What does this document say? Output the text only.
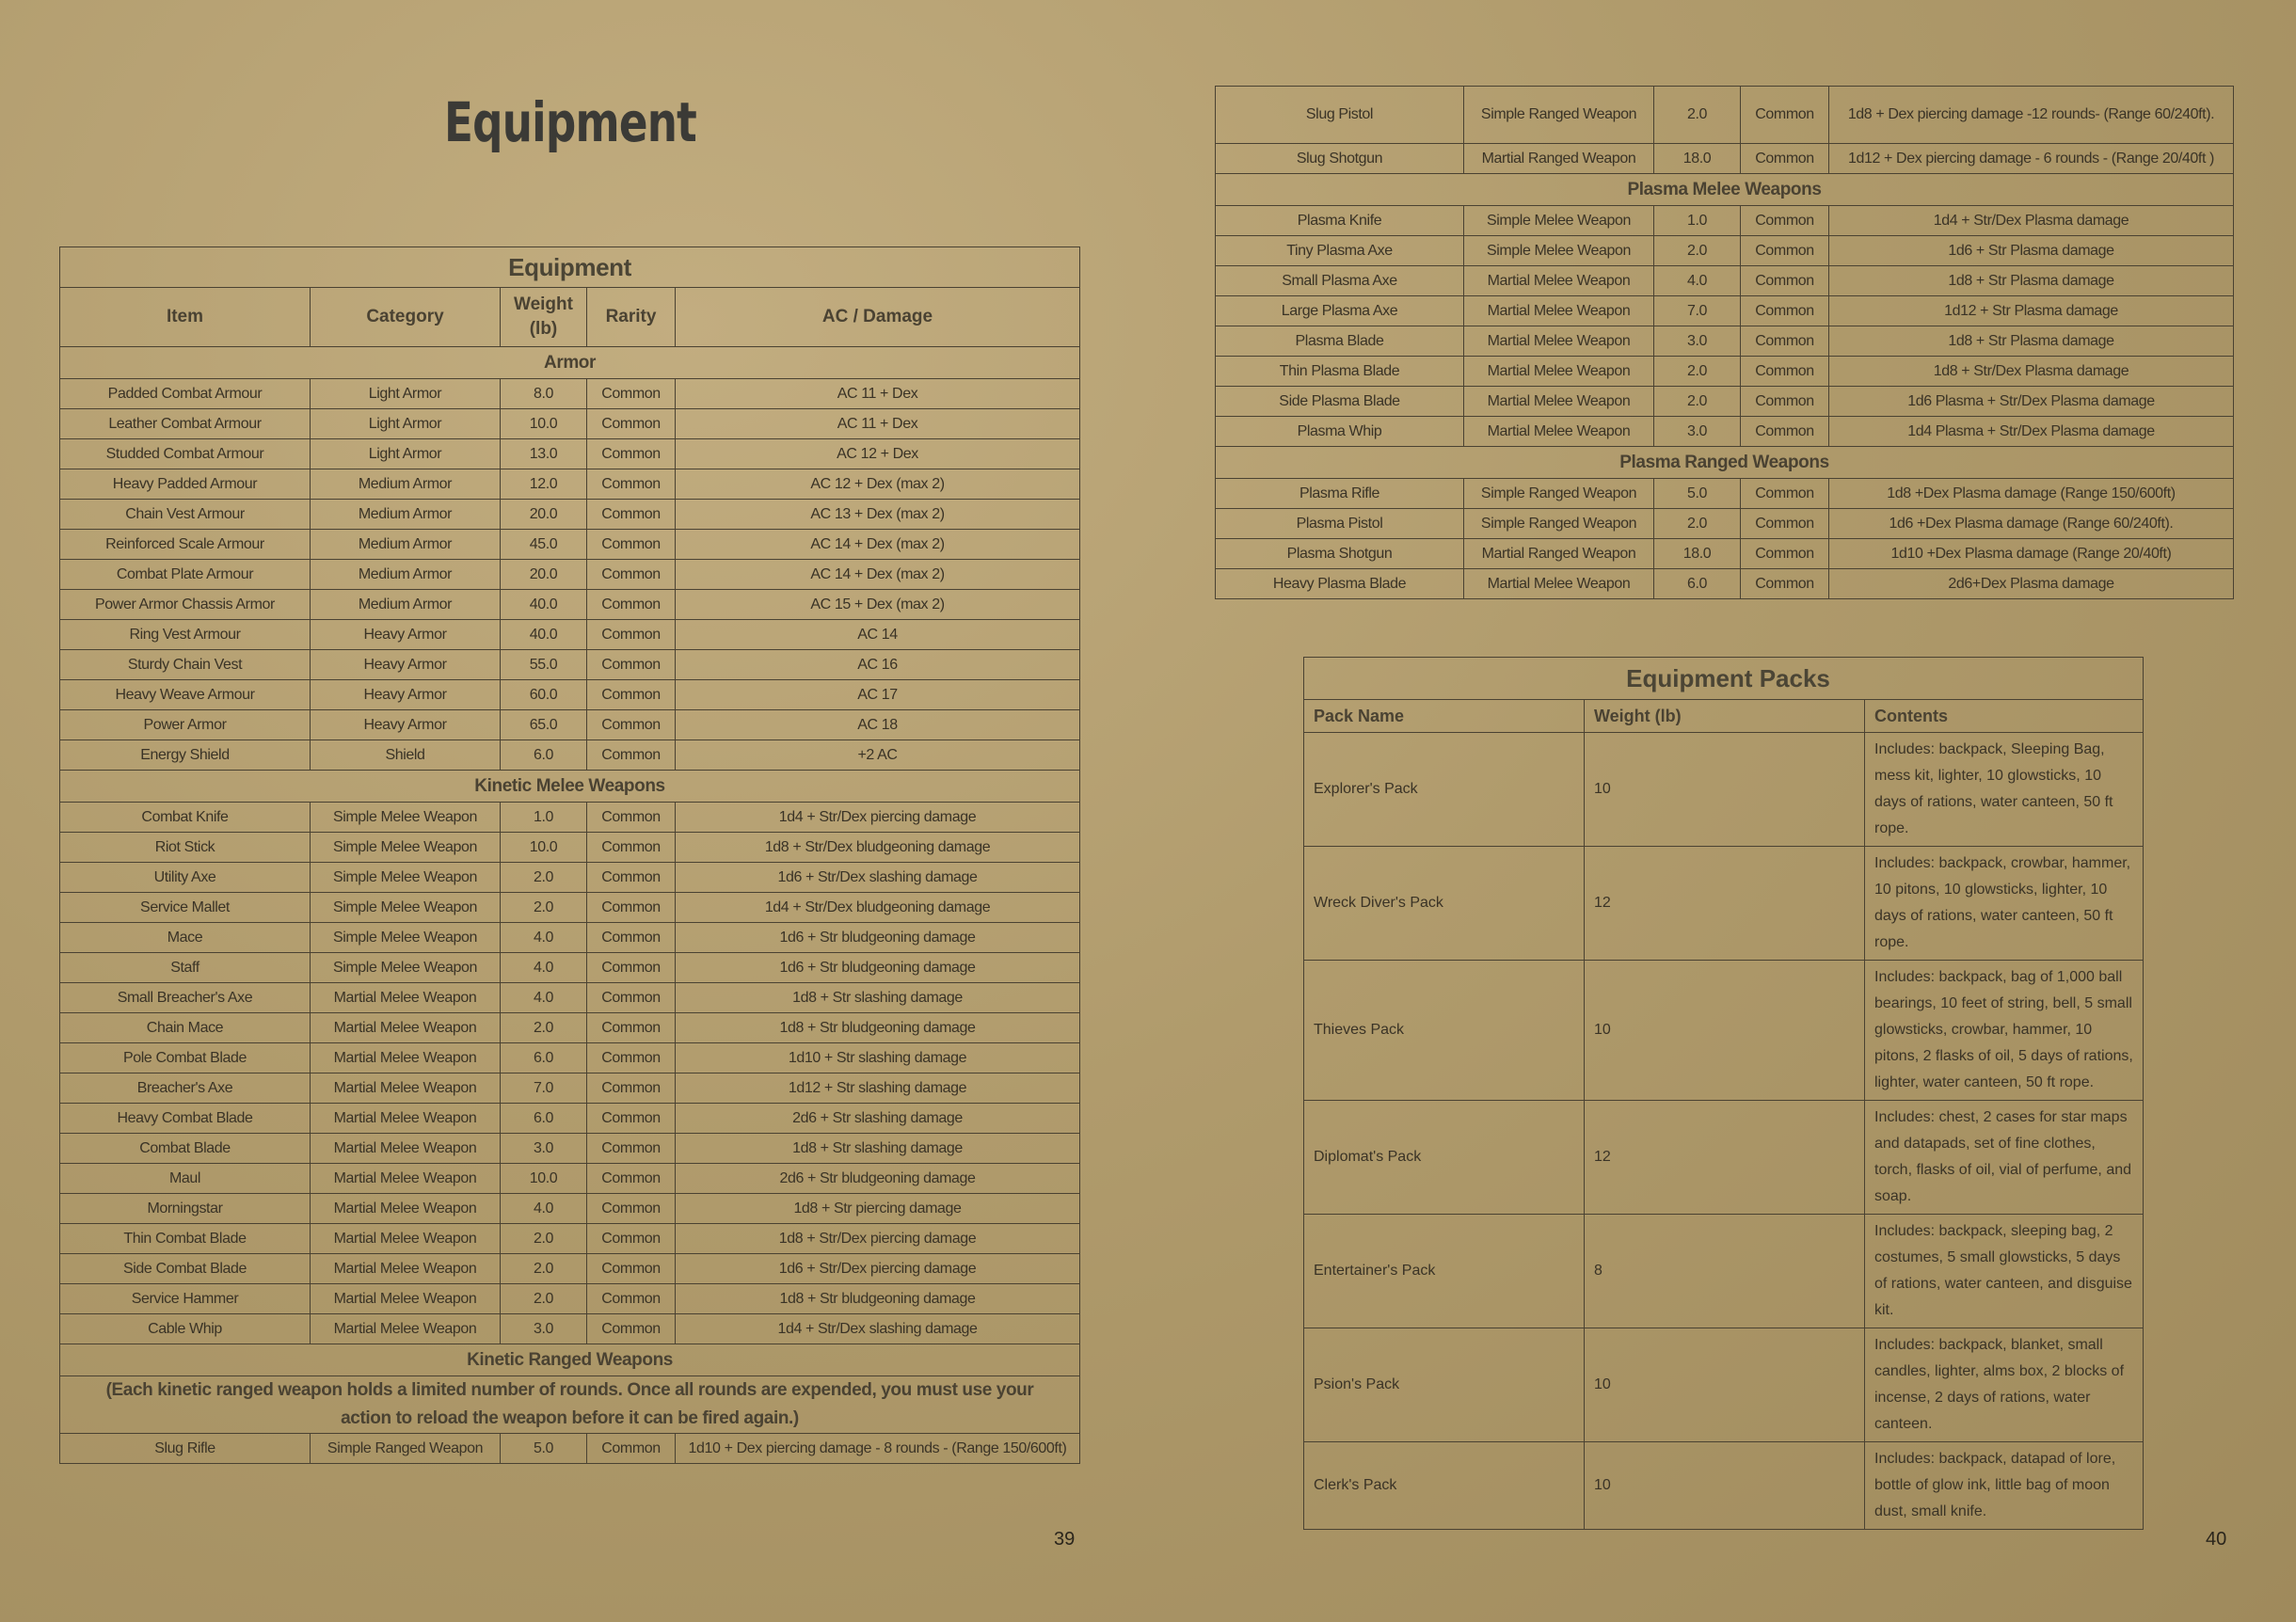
Equipment
Equipment				
Item	Category	Weight (lb)	Rarity	AC / Damage
Armor				
Padded Combat Armour	Light Armor	8.0	Common	AC 11 + Dex
Leather Combat Armour	Light Armor	10.0	Common	AC 11 + Dex
Studded Combat Armour	Light Armor	13.0	Common	AC 12 + Dex
Heavy Padded Armour	Medium Armor	12.0	Common	AC 12 + Dex (max 2)
Chain Vest Armour	Medium Armor	20.0	Common	AC 13 + Dex (max 2)
Reinforced Scale Armour	Medium Armor	45.0	Common	AC 14 + Dex (max 2)
Combat Plate Armour	Medium Armor	20.0	Common	AC 14 + Dex (max 2)
Power Armor Chassis Armor	Medium Armor	40.0	Common	AC 15 + Dex (max 2)
Ring Vest Armour	Heavy Armor	40.0	Common	AC 14
Sturdy Chain Vest	Heavy Armor	55.0	Common	AC 16
Heavy Weave Armour	Heavy Armor	60.0	Common	AC 17
Power Armor	Heavy Armor	65.0	Common	AC 18
Energy Shield	Shield	6.0	Common	+2 AC
Kinetic Melee Weapons				
Combat Knife	Simple Melee Weapon	1.0	Common	1d4 + Str/Dex piercing damage
Riot Stick	Simple Melee Weapon	10.0	Common	1d8 + Str/Dex bludgeoning damage
Utility Axe	Simple Melee Weapon	2.0	Common	1d6 + Str/Dex slashing damage
Service Mallet	Simple Melee Weapon	2.0	Common	1d4 + Str/Dex bludgeoning damage
Mace	Simple Melee Weapon	4.0	Common	1d6 + Str bludgeoning damage
Staff	Simple Melee Weapon	4.0	Common	1d6 + Str bludgeoning damage
Small Breacher's Axe	Martial Melee Weapon	4.0	Common	1d8 + Str slashing damage
Chain Mace	Martial Melee Weapon	2.0	Common	1d8 + Str bludgeoning damage
Pole Combat Blade	Martial Melee Weapon	6.0	Common	1d10 + Str slashing damage
Breacher's Axe	Martial Melee Weapon	7.0	Common	1d12 + Str slashing damage
Heavy Combat Blade	Martial Melee Weapon	6.0	Common	2d6 + Str slashing damage
Combat Blade	Martial Melee Weapon	3.0	Common	1d8 + Str slashing damage
Maul	Martial Melee Weapon	10.0	Common	2d6 + Str bludgeoning damage
Morningstar	Martial Melee Weapon	4.0	Common	1d8 + Str piercing damage
Thin Combat Blade	Martial Melee Weapon	2.0	Common	1d8 + Str/Dex piercing damage
Side Combat Blade	Martial Melee Weapon	2.0	Common	1d6 + Str/Dex piercing damage
Service Hammer	Martial Melee Weapon	2.0	Common	1d8 + Str bludgeoning damage
Cable Whip	Martial Melee Weapon	3.0	Common	1d4 + Str/Dex slashing damage
Kinetic Ranged Weapons				
(Each kinetic ranged weapon holds a limited number of rounds. Once all rounds are expended, you must use your action to reload the weapon before it can be fired again.)				
Slug Rifle	Simple Ranged Weapon	5.0	Common	1d10 + Dex piercing damage - 8 rounds - (Range 150/600ft)
39
Slug Pistol	Simple Ranged Weapon	2.0	Common	1d8 + Dex piercing damage -12 rounds- (Range 60/240ft).
Slug Shotgun	Martial Ranged Weapon	18.0	Common	1d12 + Dex piercing damage - 6 rounds - (Range 20/40ft )
Plasma Melee Weapons				
Plasma Knife	Simple Melee Weapon	1.0	Common	1d4 + Str/Dex Plasma damage
Tiny Plasma Axe	Simple Melee Weapon	2.0	Common	1d6 + Str Plasma damage
Small Plasma Axe	Martial Melee Weapon	4.0	Common	1d8 + Str Plasma damage
Large Plasma Axe	Martial Melee Weapon	7.0	Common	1d12 + Str Plasma damage
Plasma Blade	Martial Melee Weapon	3.0	Common	1d8 + Str Plasma damage
Thin Plasma Blade	Martial Melee Weapon	2.0	Common	1d8 + Str/Dex Plasma damage
Side Plasma Blade	Martial Melee Weapon	2.0	Common	1d6 Plasma + Str/Dex Plasma damage
Plasma Whip	Martial Melee Weapon	3.0	Common	1d4 Plasma + Str/Dex Plasma damage
Plasma Ranged Weapons				
Plasma Rifle	Simple Ranged Weapon	5.0	Common	1d8 +Dex Plasma damage (Range 150/600ft)
Plasma Pistol	Simple Ranged Weapon	2.0	Common	1d6 +Dex Plasma damage (Range 60/240ft).
Plasma Shotgun	Martial Ranged Weapon	18.0	Common	1d10 +Dex Plasma damage (Range 20/40ft)
Heavy Plasma Blade	Martial Melee Weapon	6.0	Common	2d6+Dex Plasma damage
Equipment Packs		
Pack Name	Weight (lb)	Contents
Explorer's Pack	10	Includes: backpack, Sleeping Bag, mess kit, lighter, 10 glowsticks, 10 days of rations, water canteen, 50 ft rope.
Wreck Diver's Pack	12	Includes: backpack, crowbar, hammer, 10 pitons, 10 glowsticks, lighter, 10 days of rations, water canteen, 50 ft rope.
Thieves Pack	10	Includes: backpack, bag of 1,000 ball bearings, 10 feet of string, bell, 5 small glowsticks, crowbar, hammer, 10 pitons, 2 flasks of oil, 5 days of rations, lighter, water canteen, 50 ft rope.
Diplomat's Pack	12	Includes: chest, 2 cases for star maps and datapads, set of fine clothes, torch, flasks of oil, vial of perfume, and soap.
Entertainer's Pack	8	Includes: backpack, sleeping bag, 2 costumes, 5 small glowsticks, 5 days of rations, water canteen, and disguise kit.
Psion's Pack	10	Includes: backpack, blanket, small candles, lighter, alms box, 2 blocks of incense, 2 days of rations, water canteen.
Clerk's Pack	10	Includes: backpack, datapad of lore, bottle of glow ink, little bag of moon dust, small knife.
40
